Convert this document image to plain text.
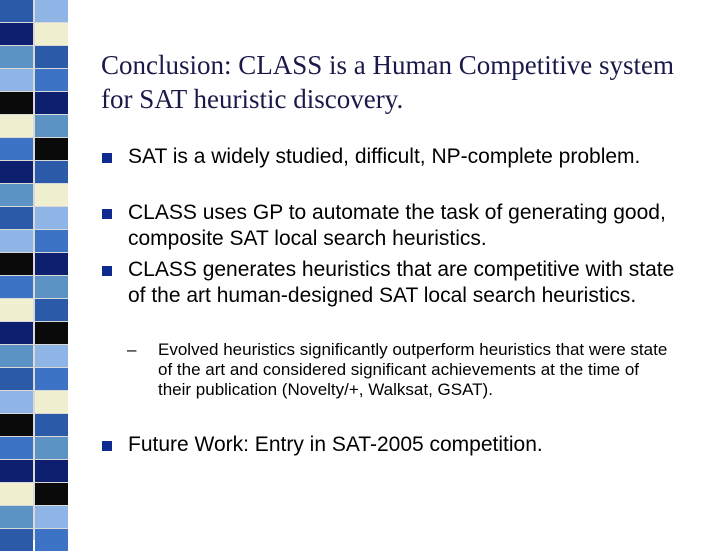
Conclusion: CLASS is a Human Competitive system for SAT heuristic discovery.
SAT is a widely studied, difficult, NP-complete problem.
CLASS uses GP to automate the task of generating good, composite SAT local search heuristics.
CLASS generates heuristics that are competitive with state of the art human-designed SAT local search heuristics.
–	Evolved heuristics significantly outperform heuristics that were state of the art and considered significant achievements at the time of their publication (Novelty/+, Walksat, GSAT).
Future Work: Entry in SAT-2005 competition.
